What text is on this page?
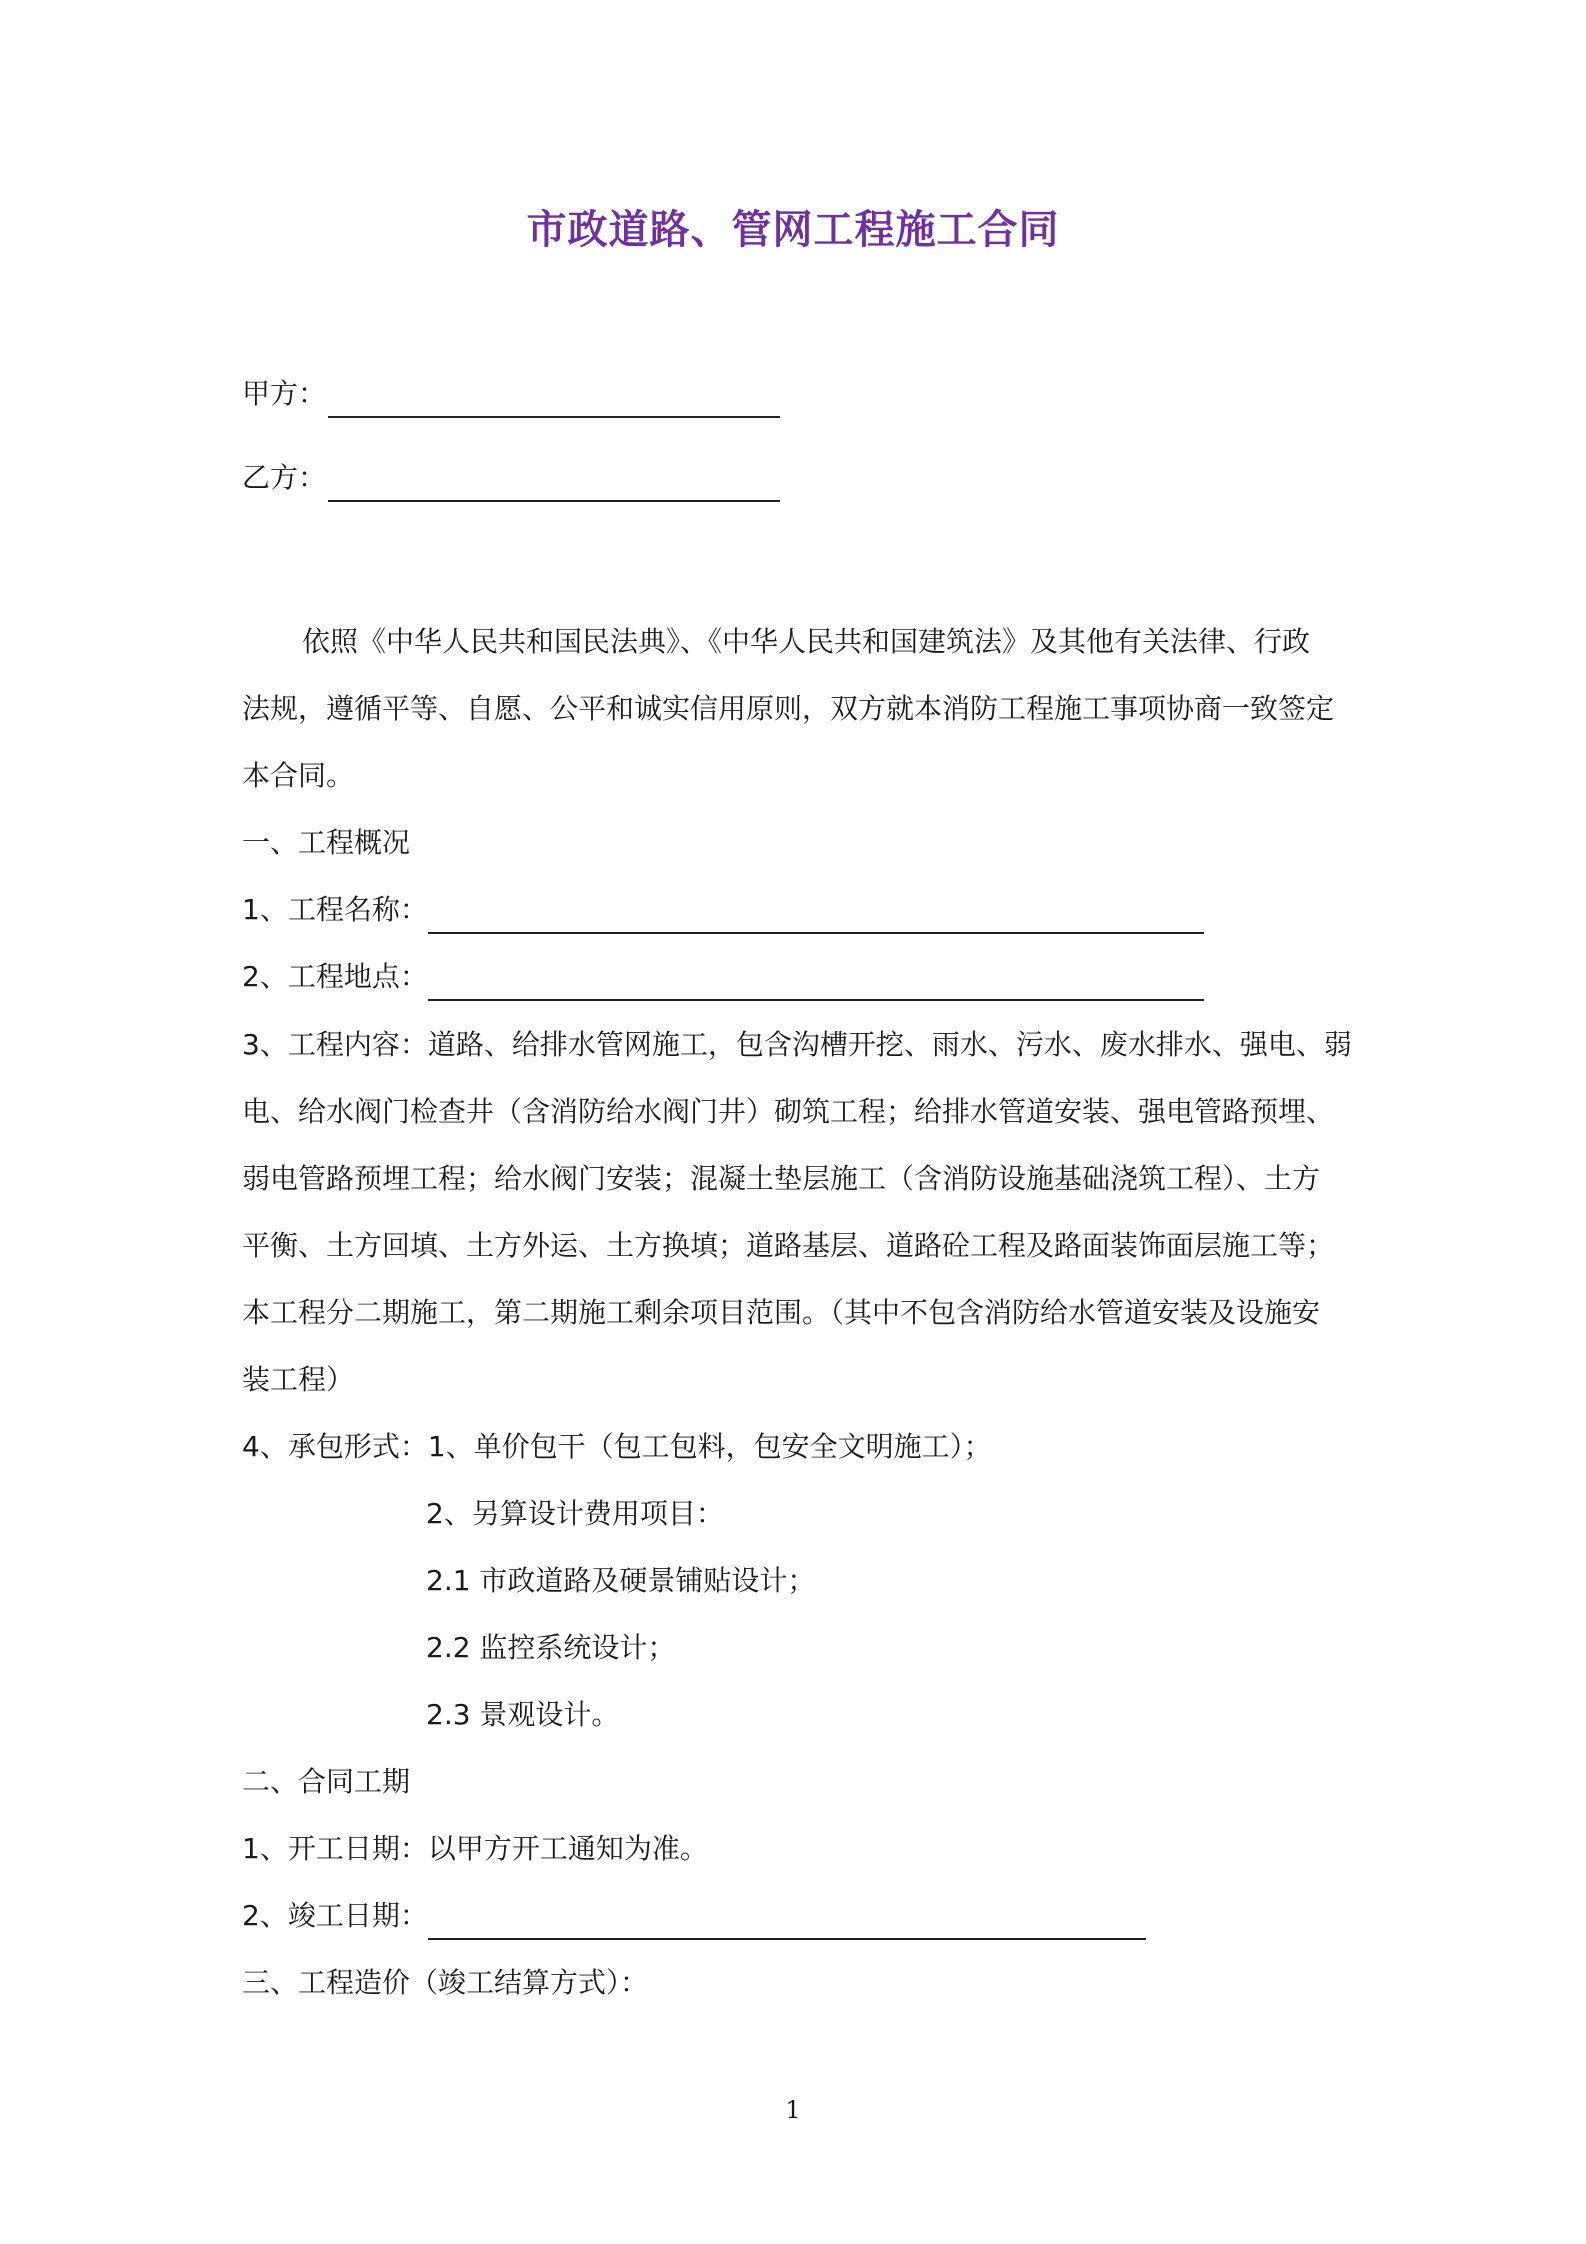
市政道路、管网工程施工合同
甲方：
乙方：
依照《中华人民共和国民法典》、《中华人民共和国建筑法》及其他有关法律、行政
法规，遵循平等、自愿、公平和诚实信用原则，双方就本消防工程施工事项协商一致签定
本合同。
一、工程概况
1、工程名称：
2、工程地点：
3、工程内容：道路、给排水管网施工，包含沟槽开挖、雨水、污水、废水排水、强电、弱
电、给水阀门检查井（含消防给水阀门井）砌筑工程；给排水管道安装、强电管路预埋、
弱电管路预埋工程；给水阀门安装；混凝土垫层施工（含消防设施基础浇筑工程）、土方
平衡、土方回填、土方外运、土方换填；道路基层、道路砼工程及路面装饰面层施工等；
本工程分二期施工，第二期施工剩余项目范围。（其中不包含消防给水管道安装及设施安
装工程）
4、承包形式：1、单价包干（包工包料，包安全文明施工）；
2、另算设计费用项目：
2.1 市政道路及硬景铺贴设计；
2.2 监控系统设计；
2.3 景观设计。
二、合同工期
1、开工日期：以甲方开工通知为准。
2、竣工日期：
三、工程造价（竣工结算方式）：
1
